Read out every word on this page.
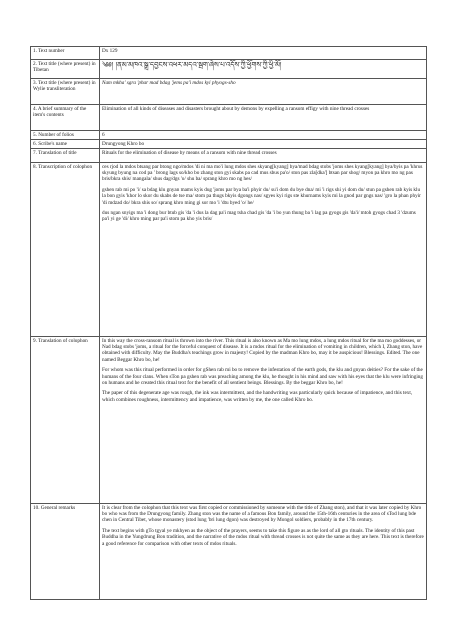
1. Text number	Dx 129
2. Text title (where present) in Tibetan	༄༅། །ནམ་མཁའ་སྒྲ་དབྱངས་འཕར་མདའ་སྦག་ཞེས་པ་འདོས་ཀྱི་ཕྱོགས་ཀྱི་ཕྱི་མོ།
3. Text title (where present) in Wylie transliteration	Nam mkha' sgra 'phar mad bdag 'jems pa'i mdos kyi phyogs-sho
4. A brief summary of the item's contents	Elimination of all kinds of diseases and disasters brought about by demons by expelling a ransom effigy with nine thread crosses
5. Number of folios	6
6. Scribe's name	Drungyong Khro bo
7. Translation of title	Rituals for the elimination of disease by means of a ransom with nine thread crosses
8. Transcription of colophon	ces rjod la mdos btsang par btong ngo/mdos 'di ni ma mo'i lung mdos shes skyang[kyang] bya/mad bdag stobs 'joms shes kyang[kyang] bya/byis pa 'khrus skyung byung na cod pa ' brong lags so/kho bo zhang ston gyi skabs pa cad mus sbus pa'o/ ston pas zla[dka'] btsan par shog/ myon pa khro mo ng pas bris/bkra shis/ mangala/ shus dag/dgs 'o/ shu ba/ sprang khro mo ng hes/

gshen rab mi po 'i/ sa bdag klu gnyan mams kyis dug 'joms par bya ba'i phyir du/ su'i dom du bye dna/ mi 'i rigs shi yi dom du/ stun pa gshen rab kyis klu la bon gyis 'khor lo skor du skabs de tse ma/ stom pa thugs bkyis dgongs nas/ sgyes kyi rigs ste khurnams kyis mi la gnod par gngs nas/ 'gro la phan phyir 'di mdzad do/ bkra shis so/ sprang khro ming gi sor mo 'i 'dtu byed 'o/ he/

dus ngan snyigs ma 'i dong bur btub gis 'da 'i dus la dag pa'i mag tsha chad gis 'da 'i bo yun thung ba 'i lag pa gyogs gis 'da'i/ mtoh gyogs chad 3 'dzums pa'i yi ge 'di/ khro ming par pa'i stom pa kho yis bris/

9. Translation of colophon	In this way the cross-ransom ritual is thrown into the river. This ritual is also known as Ma mo lung mdos, a lung mdos ritual for the ma mo goddesses, or Nad bdag stobs 'joms, a ritual for the forceful conquest of disease. It is a mdos ritual for the elimination of vomiting in children, which I, Zhang ston, have obtained with difficulty. May the Buddha's teachings grow in majesty! Copied by the madman Khro bo, may it be auspicious! Blessings. Edited. The one named Beggar Khro bo, he!

For whom was this ritual performed in order for gShen rab mi bo to remove the infestation of the earth gods, the klu and gnyan deities? For the sake of the humans of the four clans. When sTon pa gshen rab was preaching among the klu, he thought in his mind and saw with his eyes that the klu were infringing on humans and he created this ritual text for the benefit of all sentient beings. Blessings. By the beggar Khro bo, he!

The paper of this degenerate age was rough, the ink was intermittent, and the handwriting was particularly quick because of impatience, and this text, which combines roughness, intermittency and impatience, was written by me, the one called Khro bo.

10. General remarks	It is clear from the colophon that this text was first copied or commissioned by someone with the title of Zhang ston), and that it was later copied by Khro bo who was from the Drungyong family. Zhang ston was the name of a famous Bon family, around the 15th-16th centuries in the area of sTod lung bde chen in Central Tibet, whose monastery (stod lung 'bri lung dgon) was destroyed by Mongol soldiers, probably in the 17th century.

The text begins with gTo tgyal ye mkhyen as the object of the prayers, seems to take this figure as as the lord of all gto rituals. The identity of this past Buddha in the Yungdrung Bon tradition, and the narrative of the mdos ritual with thread crosses is not quite the same as they are here. This text is therefore a good reference for comparison with other texts of mdos rituals.
